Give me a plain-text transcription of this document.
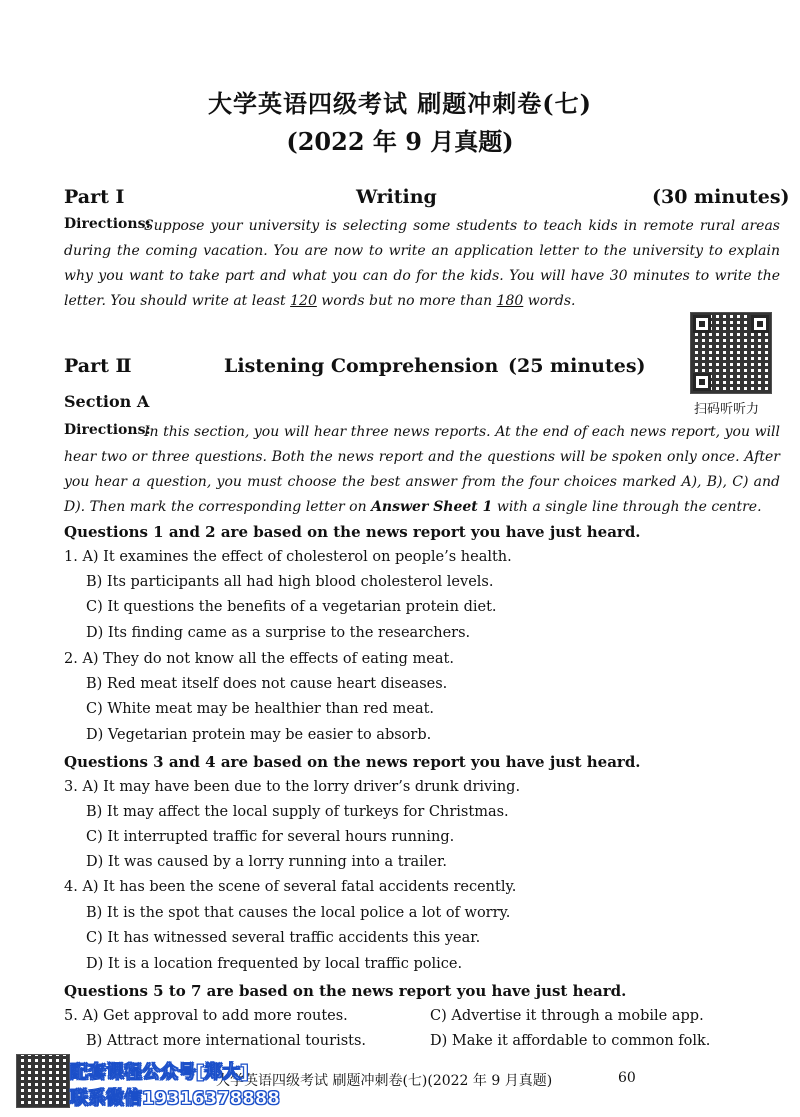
大学英语四级考试 刷题冲刺卷(七)
(2022 年 9 月真题)
Part Ⅰ	Writing	(30 minutes)
Directions:
Suppose your university is selecting some students to teach kids in remote rural areas during the coming vacation. You are now to write an application letter to the university to explain why you want to take part and what you can do for the kids. You will have 30 minutes to write the letter. You should write at least 120 words but no more than 180 words.
扫码听听力
Part Ⅱ	Listening Comprehension (25 minutes)
Section A
Directions:
In this section, you will hear three news reports. At the end of each news report, you will hear two or three questions. Both the news report and the questions will be spoken only once. After you hear a question, you must choose the best answer from the four choices marked A), B), C) and D). Then mark the corresponding letter on Answer Sheet 1 with a single line through the centre.
Questions 1 and 2 are based on the news report you have just heard.
1. A) It examines the effect of cholesterol on people’s health.
B) Its participants all had high blood cholesterol levels.
C) It questions the benefits of a vegetarian protein diet.
D) Its finding came as a surprise to the researchers.
2. A) They do not know all the effects of eating meat.
B) Red meat itself does not cause heart diseases.
C) White meat may be healthier than red meat.
D) Vegetarian protein may be easier to absorb.
Questions 3 and 4 are based on the news report you have just heard.
3. A) It may have been due to the lorry driver’s drunk driving.
B) It may affect the local supply of turkeys for Christmas.
C) It interrupted traffic for several hours running.
D) It was caused by a lorry running into a trailer.
4. A) It has been the scene of several fatal accidents recently.
B) It is the spot that causes the local police a lot of worry.
C) It has witnessed several traffic accidents this year.
D) It is a location frequented by local traffic police.
Questions 5 to 7 are based on the news report you have just heard.
5. A) Get approval to add more routes.	C) Advertise it through a mobile app.
B) Attract more international tourists.	D) Make it affordable to common folk.
大学英语四级考试 刷题冲刺卷(七)(2022 年 9 月真题)	60
配套课程公众号[郑大]
联系微信19316378888
